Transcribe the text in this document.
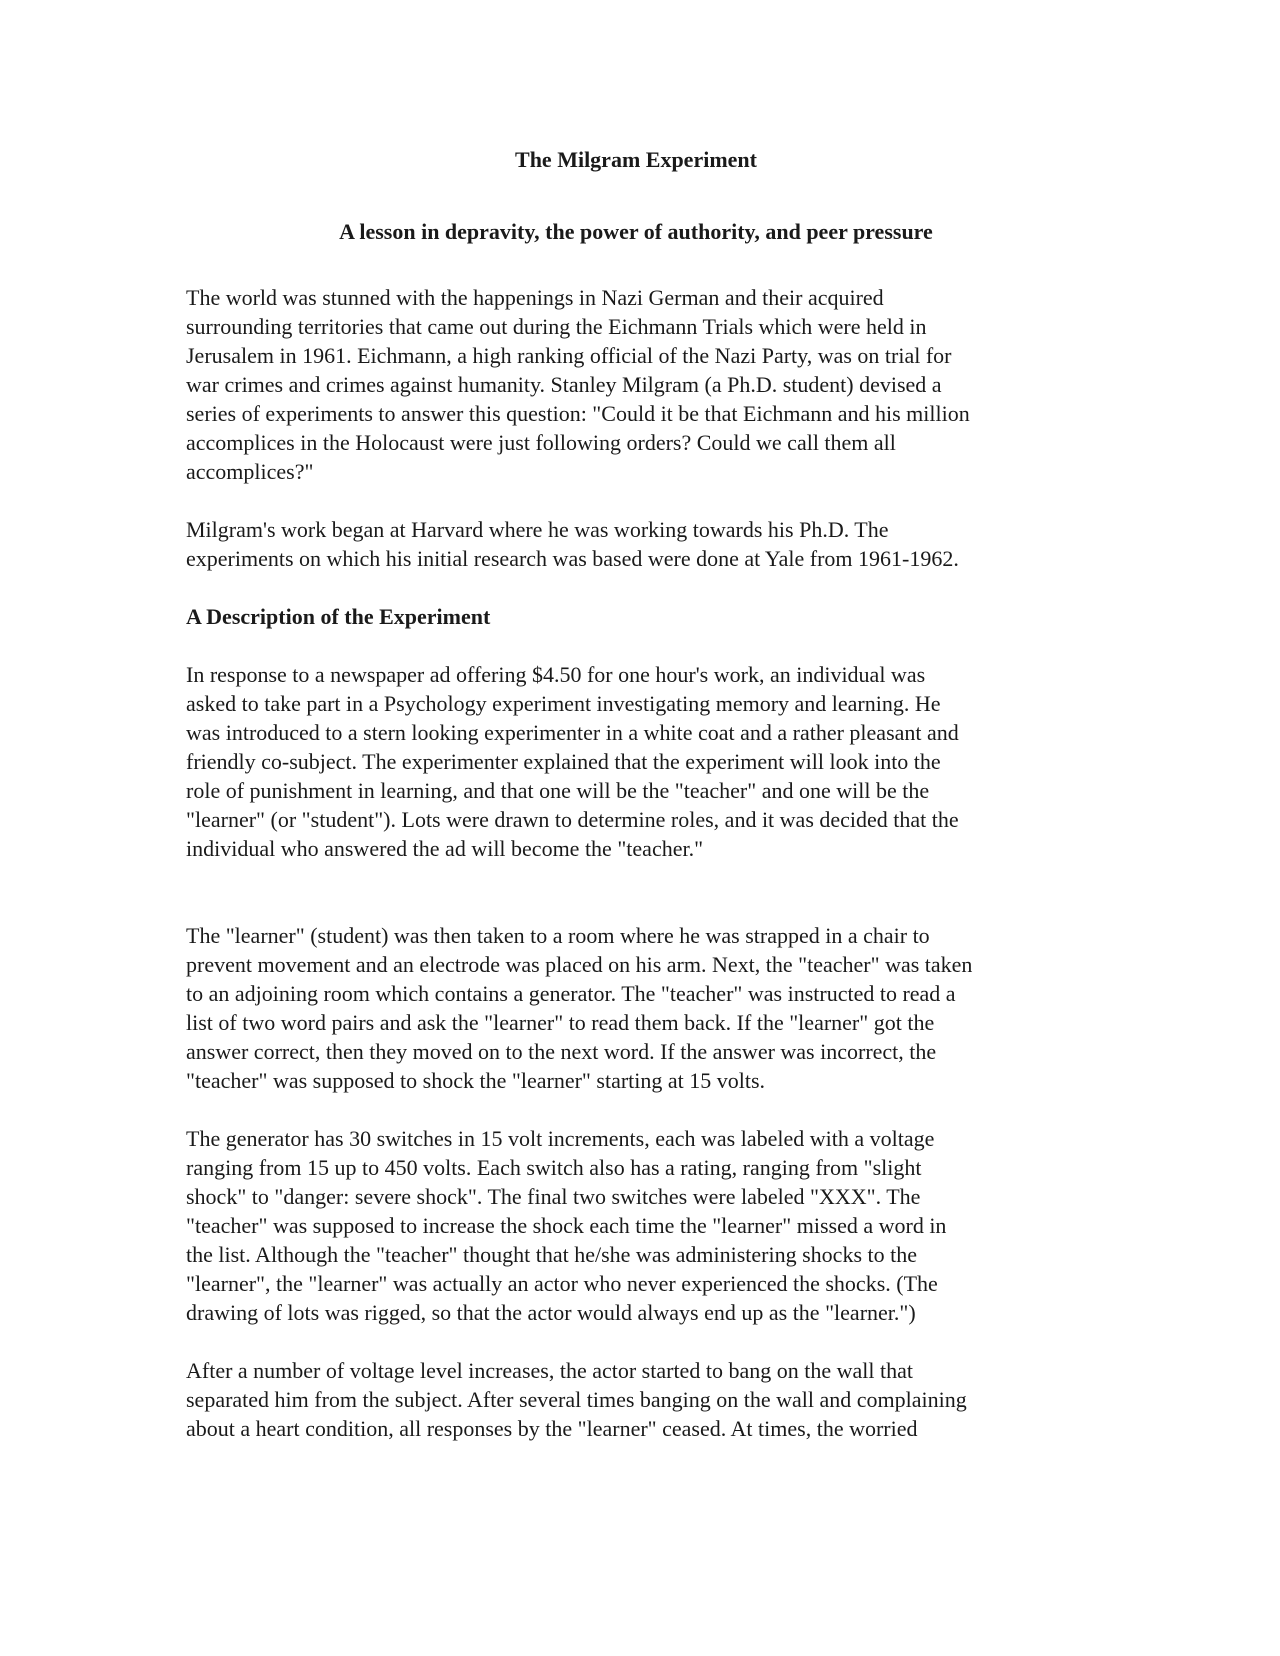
The Milgram Experiment

A lesson in depravity, the power of authority, and peer pressure

The world was stunned with the happenings in Nazi German and their acquired
surrounding territories that came out during the Eichmann Trials which were held in
Jerusalem in 1961. Eichmann, a high ranking official of the Nazi Party, was on trial for
war crimes and crimes against humanity. Stanley Milgram (a Ph.D. student) devised a
series of experiments to answer this question: "Could it be that Eichmann and his million
accomplices in the Holocaust were just following orders? Could we call them all
accomplices?"

Milgram's work began at Harvard where he was working towards his Ph.D. The
experiments on which his initial research was based were done at Yale from 1961-1962.

A Description of the Experiment

In response to a newspaper ad offering $4.50 for one hour's work, an individual was
asked to take part in a Psychology experiment investigating memory and learning. He
was introduced to a stern looking experimenter in a white coat and a rather pleasant and
friendly co-subject. The experimenter explained that the experiment will look into the
role of punishment in learning, and that one will be the "teacher" and one will be the
"learner" (or "student"). Lots were drawn to determine roles, and it was decided that the
individual who answered the ad will become the "teacher."

The "learner" (student) was then taken to a room where he was strapped in a chair to
prevent movement and an electrode was placed on his arm. Next, the "teacher" was taken
to an adjoining room which contains a generator. The "teacher" was instructed to read a
list of two word pairs and ask the "learner" to read them back. If the "learner" got the
answer correct, then they moved on to the next word. If the answer was incorrect, the
"teacher" was supposed to shock the "learner" starting at 15 volts.

The generator has 30 switches in 15 volt increments, each was labeled with a voltage
ranging from 15 up to 450 volts. Each switch also has a rating, ranging from "slight
shock" to "danger: severe shock". The final two switches were labeled "XXX". The
"teacher" was supposed to increase the shock each time the "learner" missed a word in
the list. Although the "teacher" thought that he/she was administering shocks to the
"learner", the "learner" was actually an actor who never experienced the shocks. (The
drawing of lots was rigged, so that the actor would always end up as the "learner.")

After a number of voltage level increases, the actor started to bang on the wall that
separated him from the subject. After several times banging on the wall and complaining
about a heart condition, all responses by the "learner" ceased. At times, the worried
